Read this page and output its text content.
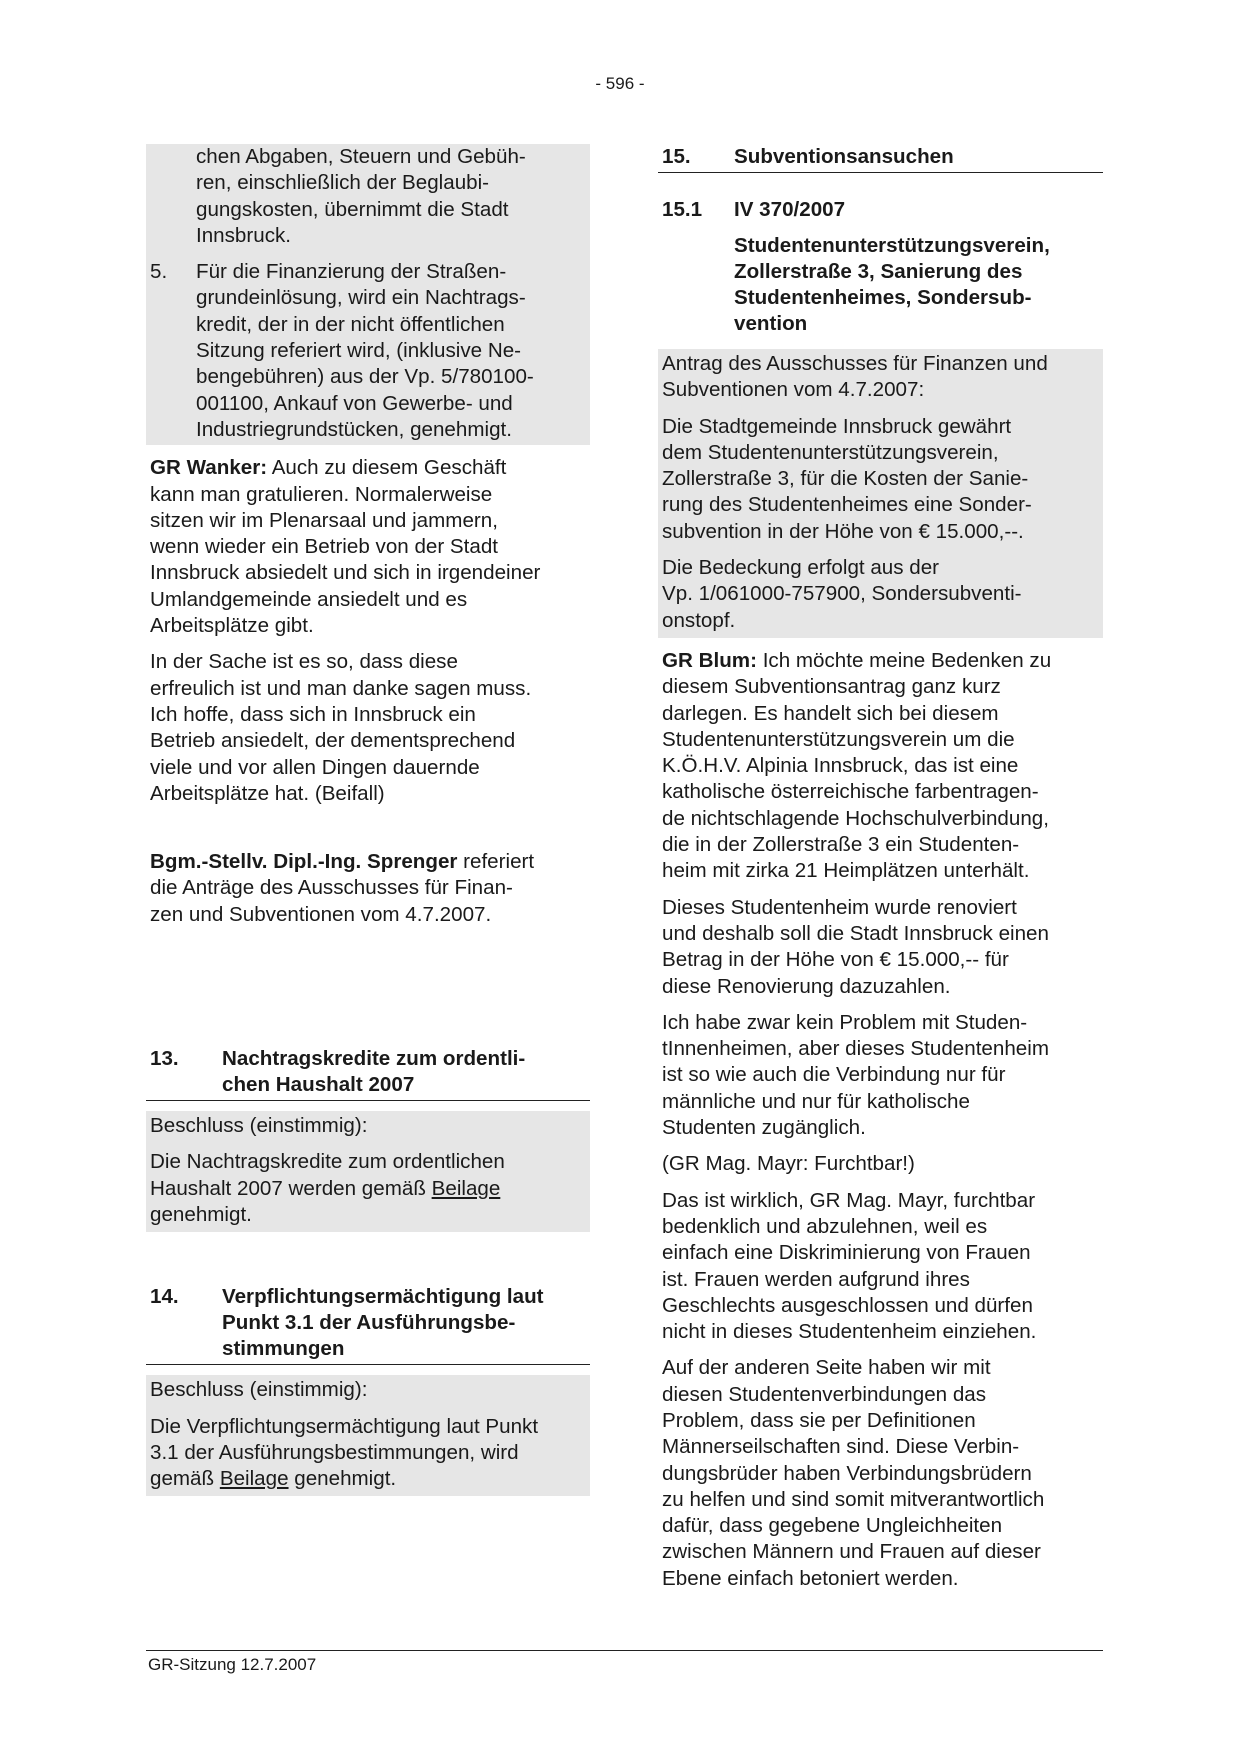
- 596 -
chen Abgaben, Steuern und Gebüh-
ren, einschließlich der Beglaubi-
gungskosten, übernimmt die Stadt
Innsbruck.
5. Für die Finanzierung der Straßen-
grundeinlösung, wird ein Nachtrags-
kredit, der in der nicht öffentlichen
Sitzung referiert wird, (inklusive Ne-
bengebühren) aus der Vp. 5/780100-
001100, Ankauf von Gewerbe- und
Industriegrundstücken, genehmigt.
GR Wanker: Auch zu diesem Geschäft
kann man gratulieren. Normalerweise
sitzen wir im Plenarsaal und jammern,
wenn wieder ein Betrieb von der Stadt
Innsbruck absiedelt und sich in irgendeiner
Umlandgemeinde ansiedelt und es
Arbeitsplätze gibt.
In der Sache ist es so, dass diese
erfreulich ist und man danke sagen muss.
Ich hoffe, dass sich in Innsbruck ein
Betrieb ansiedelt, der dementsprechend
viele und vor allen Dingen dauernde
Arbeitsplätze hat. (Beifall)
Bgm.-Stellv. Dipl.-Ing. Sprenger referiert
die Anträge des Ausschusses für Finan-
zen und Subventionen vom 4.7.2007.
13. Nachtragskredite zum ordentli-
chen Haushalt 2007
Beschluss (einstimmig):
Die Nachtragskredite zum ordentlichen
Haushalt 2007 werden gemäß Beilage
genehmigt.
14. Verpflichtungsermächtigung laut
Punkt 3.1 der Ausführungsbe-
stimmungen
Beschluss (einstimmig):
Die Verpflichtungsermächtigung laut Punkt
3.1 der Ausführungsbestimmungen, wird
gemäß Beilage genehmigt.
15. Subventionsansuchen
15.1 IV 370/2007
Studentenunterstützungsverein,
Zollerstraße 3, Sanierung des
Studentenheimes, Sondersub-
vention
Antrag des Ausschusses für Finanzen und
Subventionen vom 4.7.2007:
Die Stadtgemeinde Innsbruck gewährt
dem Studentenunterstützungsverein,
Zollerstraße 3, für die Kosten der Sanie-
rung des Studentenheimes eine Sonder-
subvention in der Höhe von € 15.000,--.
Die Bedeckung erfolgt aus der
Vp. 1/061000-757900, Sondersubventi-
onstopf.
GR Blum: Ich möchte meine Bedenken zu
diesem Subventionsantrag ganz kurz
darlegen. Es handelt sich bei diesem
Studentenunterstützungsverein um die
K.Ö.H.V. Alpinia Innsbruck, das ist eine
katholische österreichische farbentragen-
de nichtschlagende Hochschulverbindung,
die in der Zollerstraße 3 ein Studenten-
heim mit zirka 21 Heimplätzen unterhält.
Dieses Studentenheim wurde renoviert
und deshalb soll die Stadt Innsbruck einen
Betrag in der Höhe von € 15.000,-- für
diese Renovierung dazuzahlen.
Ich habe zwar kein Problem mit Studen-
tInnenheimen, aber dieses Studentenheim
ist so wie auch die Verbindung nur für
männliche und nur für katholische
Studenten zugänglich.
(GR Mag. Mayr: Furchtbar!)
Das ist wirklich, GR Mag. Mayr, furchtbar
bedenklich und abzulehnen, weil es
einfach eine Diskriminierung von Frauen
ist. Frauen werden aufgrund ihres
Geschlechts ausgeschlossen und dürfen
nicht in dieses Studentenheim einziehen.
Auf der anderen Seite haben wir mit
diesen Studentenverbindungen das
Problem, dass sie per Definitionen
Männerseilschaften sind. Diese Verbin-
dungsbrüder haben Verbindungsbrüdern
zu helfen und sind somit mitverantwortlich
dafür, dass gegebene Ungleichheiten
zwischen Männern und Frauen auf dieser
Ebene einfach betoniert werden.
GR-Sitzung 12.7.2007
